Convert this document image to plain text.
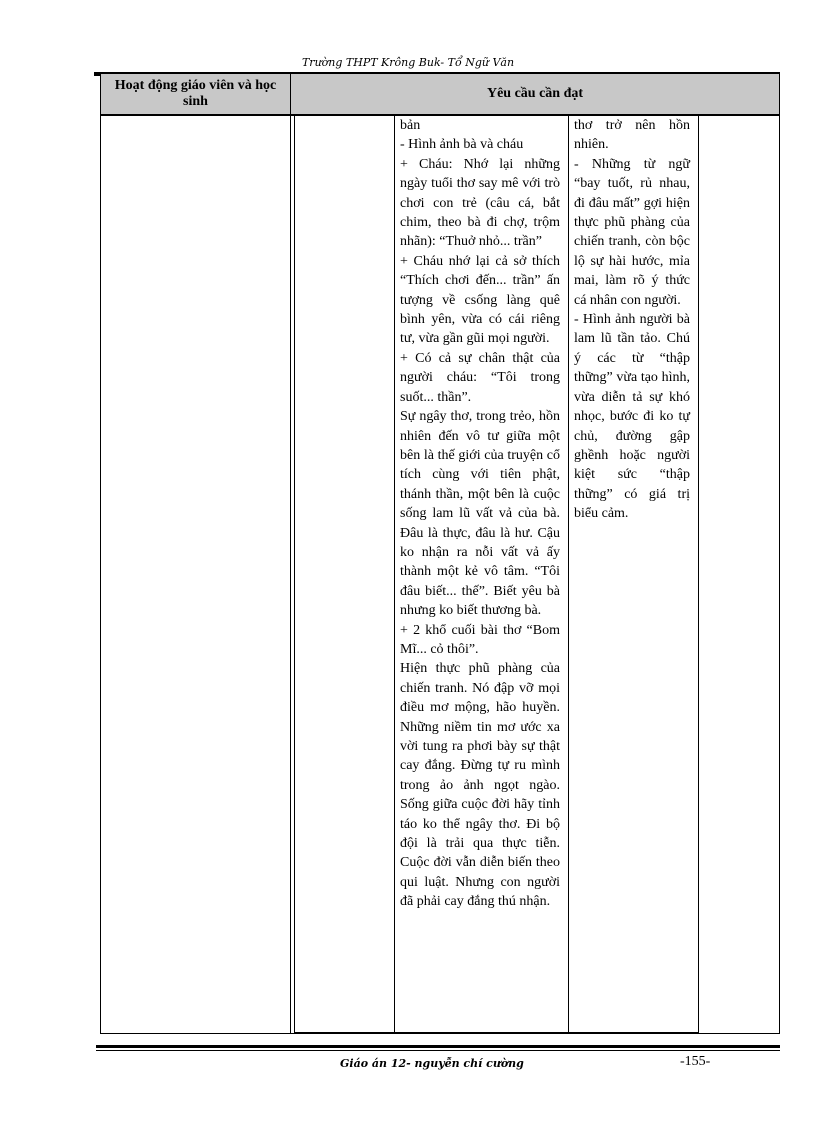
Trường THPT Krông Buk- Tổ Ngữ Văn
Hoạt động giáo viên và học sinh
Yêu cầu cần đạt
bản
- Hình ảnh bà và cháu
+ Cháu: Nhớ lại những ngày tuổi thơ say mê với trò chơi con trẻ (câu cá, bắt chim, theo bà đi chợ, trộm nhãn): “Thuở nhỏ... trần”
+ Cháu nhớ lại cả sở thích “Thích chơi đến... trần” ấn tượng về csống làng quê bình yên, vừa có cái riêng tư, vừa gần gũi mọi người.
+ Có cả sự chân thật của người cháu: “Tôi trong suốt... thần”.
Sự ngây thơ, trong trẻo, hồn nhiên đến vô tư giữa một bên là thế giới của truyện cổ tích cùng với tiên phật, thánh thần, một bên là cuộc sống lam lũ vất vả của bà. Đâu là thực, đâu là hư. Cậu ko nhận ra nỗi vất vả ấy thành một kẻ vô tâm. “Tôi đâu biết... thế”. Biết yêu bà nhưng ko biết thương bà.
+ 2 khổ cuối bài thơ “Bom Mĩ... cỏ thôi”.
Hiện thực phũ phàng của chiến tranh. Nó đập vỡ mọi điều mơ mộng, hão huyền. Những niềm tin mơ ước xa vời tung ra phơi bày sự thật cay đắng. Đừng tự ru mình trong ảo ảnh ngọt ngào. Sống giữa cuộc đời hãy tỉnh táo ko thể ngây thơ. Đi bộ đội là trải qua thực tiễn. Cuộc đời vẫn diễn biến theo qui luật. Nhưng con người đã phải cay đắng thú nhận.
thơ trở nên hồn nhiên.
- Những từ ngữ “bay tuốt, rủ nhau, đi đâu mất” gợi hiện thực phũ phàng của chiến tranh, còn bộc lộ sự hài hước, mỉa mai, làm rõ ý thức cá nhân con người.
- Hình ảnh người bà lam lũ tần tảo. Chú ý các từ “thập thững” vừa tạo hình, vừa diễn tả sự khó nhọc, bước đi ko tự chủ, đường gập ghềnh hoặc người kiệt sức “thập thững” có giá trị biểu cảm.
Giáo án 12- nguyễn chí cường	-155-
